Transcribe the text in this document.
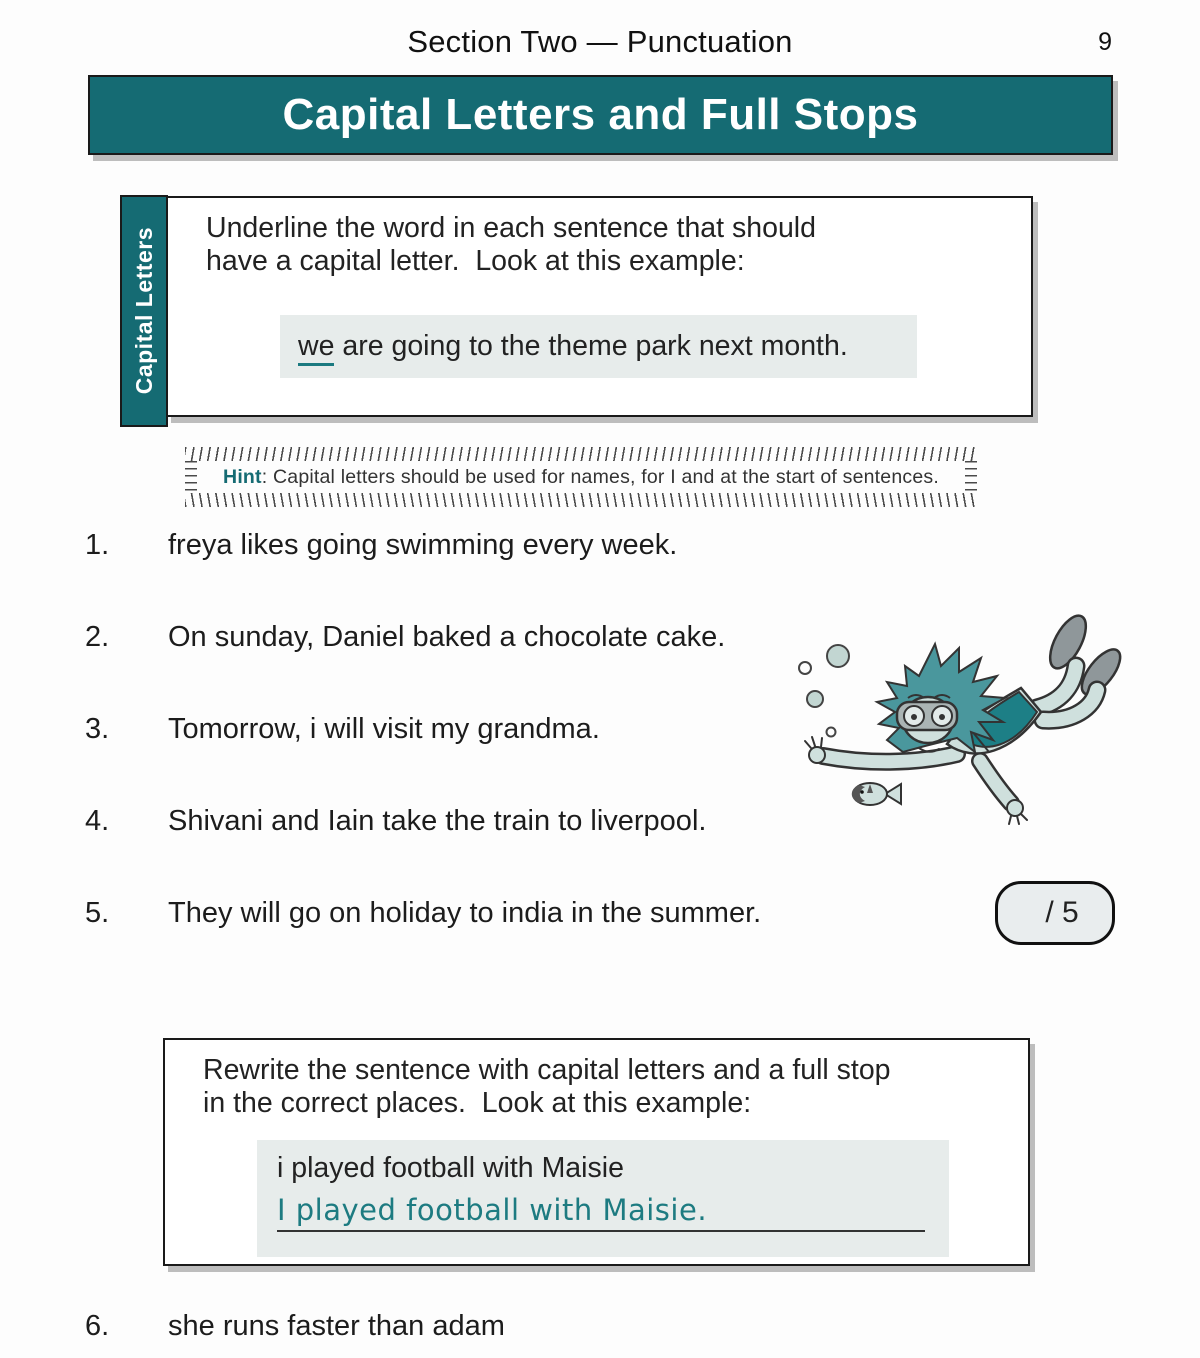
Section Two — Punctuation	9
Capital Letters and Full Stops
Capital Letters Underline the word in each sentence that should
have a capital letter.  Look at this example:
we are going to the theme park next month.
Hint: Capital letters should be used for names, for I and at the start of sentences.
1. freya likes going swimming every week.
2. On sunday, Daniel baked a chocolate cake.
3. Tomorrow, i will visit my grandma.
4. Shivani and Iain take the train to liverpool.
5. They will go on holiday to india in the summer.	/ 5
Rewrite the sentence with capital letters and a full stop
in the correct places.  Look at this example:
i played football with Maisie
I played football with Maisie.
6. she runs faster than adam
